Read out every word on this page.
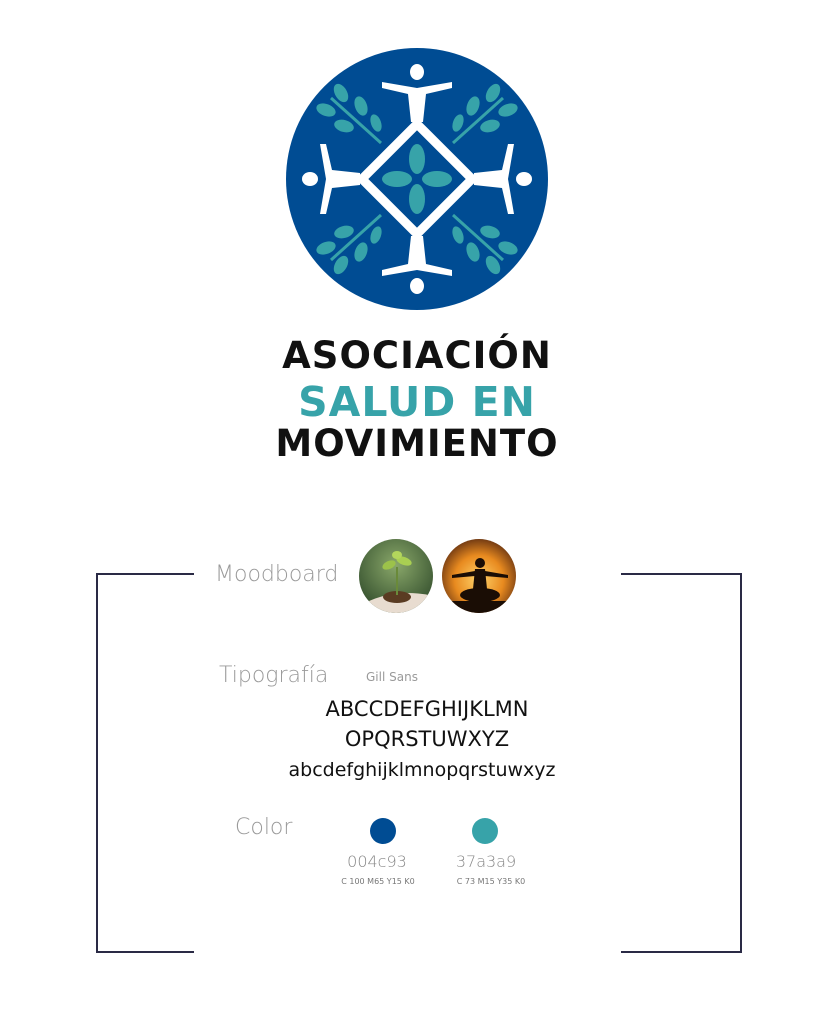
ASOCIACIÓN
SALUD EN
MOVIMIENTO
Moodboard
Tipografía	Gill Sans
ABCCDEFGHIJKLMN
OPQRSTUWXYZ
abcdefghijklmnopqrstuwxyz
Color
004c93	37a3a9
C 100 M65 Y15 K0	C 73 M15 Y35 K0
